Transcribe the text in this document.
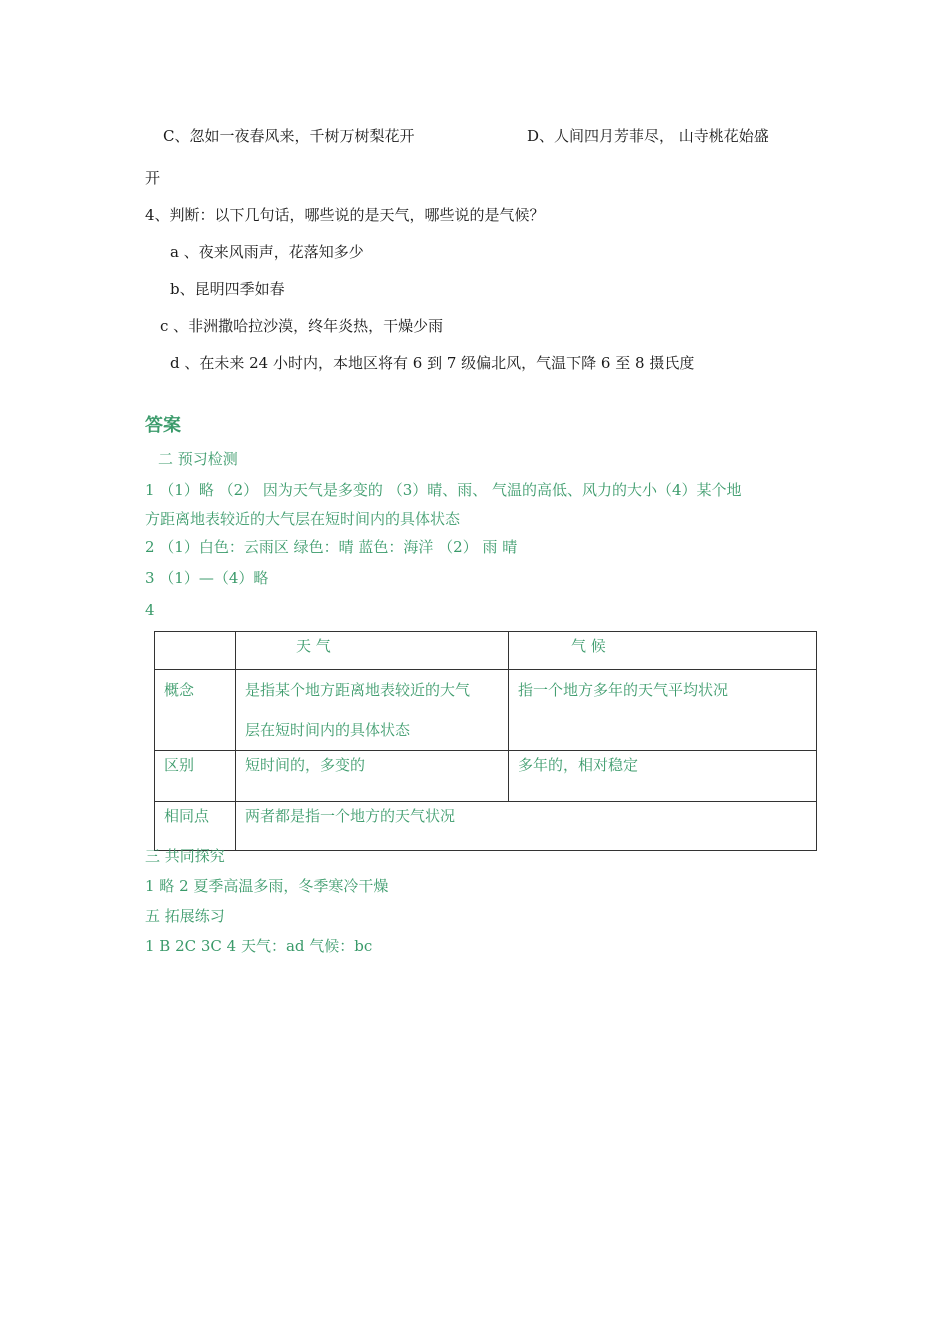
C、忽如一夜春风来，千树万树梨花开	D、人间四月芳菲尽， 山寺桃花始盛
开
4、判断：以下几句话，哪些说的是天气，哪些说的是气候？
a 、夜来风雨声，花落知多少
b、昆明四季如春
c 、非洲撒哈拉沙漠，终年炎热，干燥少雨
d 、在未来 24 小时内，本地区将有 6 到 7 级偏北风，气温下降 6 至 8 摄氏度
答案
二 预习检测
1 （1）略 （2） 因为天气是多变的 （3）晴、雨、 气温的高低、风力的大小（4）某个地
方距离地表较近的大气层在短时间内的具体状态
2 （1）白色：云雨区 绿色：晴 蓝色：海洋 （2） 雨 晴
3 （1）—（4）略
4
	天 气	气 候
概念	是指某个地方距离地表较近的大气
层在短时间内的具体状态	指一个地方多年的天气平均状况
区别	短时间的，多变的	多年的，相对稳定
相同点	两者都是指一个地方的天气状况	
三 共同探究
1 略 2 夏季高温多雨，冬季寒冷干燥
五 拓展练习
1 B 2C 3C 4 天气：ad 气候：bc
